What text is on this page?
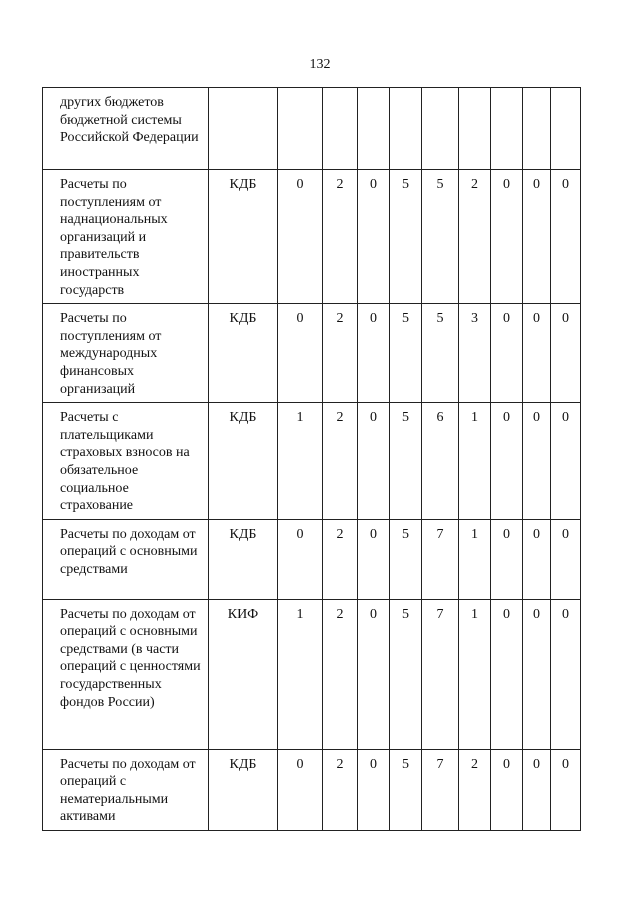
132
других бюджетов бюджетной системы Российской Федерации										
Расчеты по поступлениям от наднациональных организаций и правительств иностранных государств	КДБ	0	2	0	5	5	2	0	0	0
Расчеты по поступлениям от международных финансовых организаций	КДБ	0	2	0	5	5	3	0	0	0
Расчеты с плательщиками страховых взносов на обязательное социальное страхование	КДБ	1	2	0	5	6	1	0	0	0
Расчеты по доходам от операций с основными средствами	КДБ	0	2	0	5	7	1	0	0	0
Расчеты по доходам от операций с основными средствами (в части операций с ценностями государственных фондов России)	КИФ	1	2	0	5	7	1	0	0	0
Расчеты по доходам от операций с нематериальными активами	КДБ	0	2	0	5	7	2	0	0	0
